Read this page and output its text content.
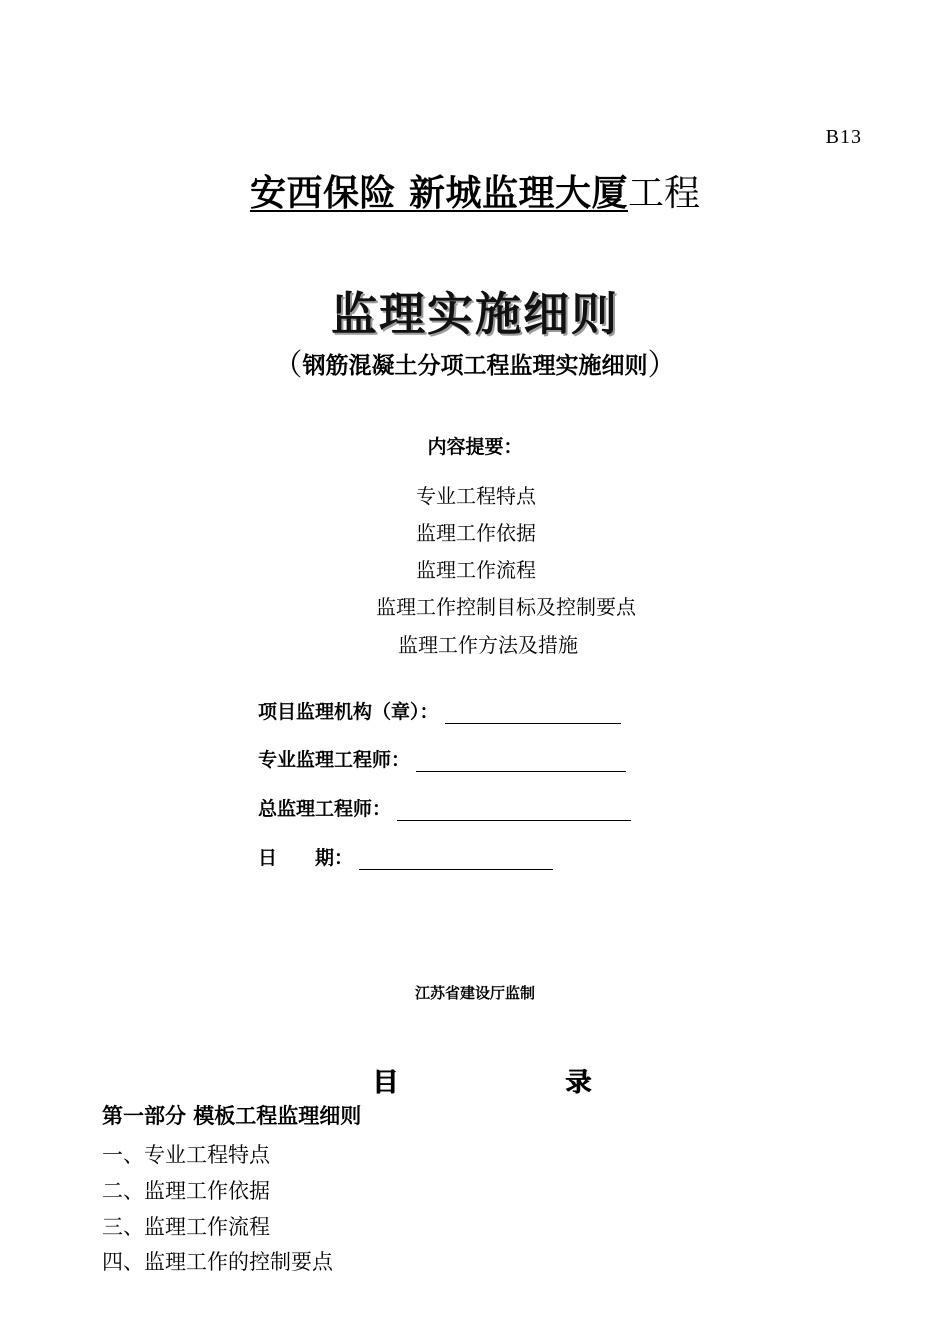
B13
安西保险 新城监理大厦工程
监理实施细则
（钢筋混凝土分项工程监理实施细则）
内容提要：
专业工程特点
监理工作依据
监理工作流程
监理工作控制目标及控制要点
监理工作方法及措施
项目监理机构（章）：
专业监理工程师：
总监理工程师：
日　　期：
江苏省建设厅监制
目	录
第一部分 模板工程监理细则
一、专业工程特点
二、监理工作依据
三、监理工作流程
四、监理工作的控制要点
